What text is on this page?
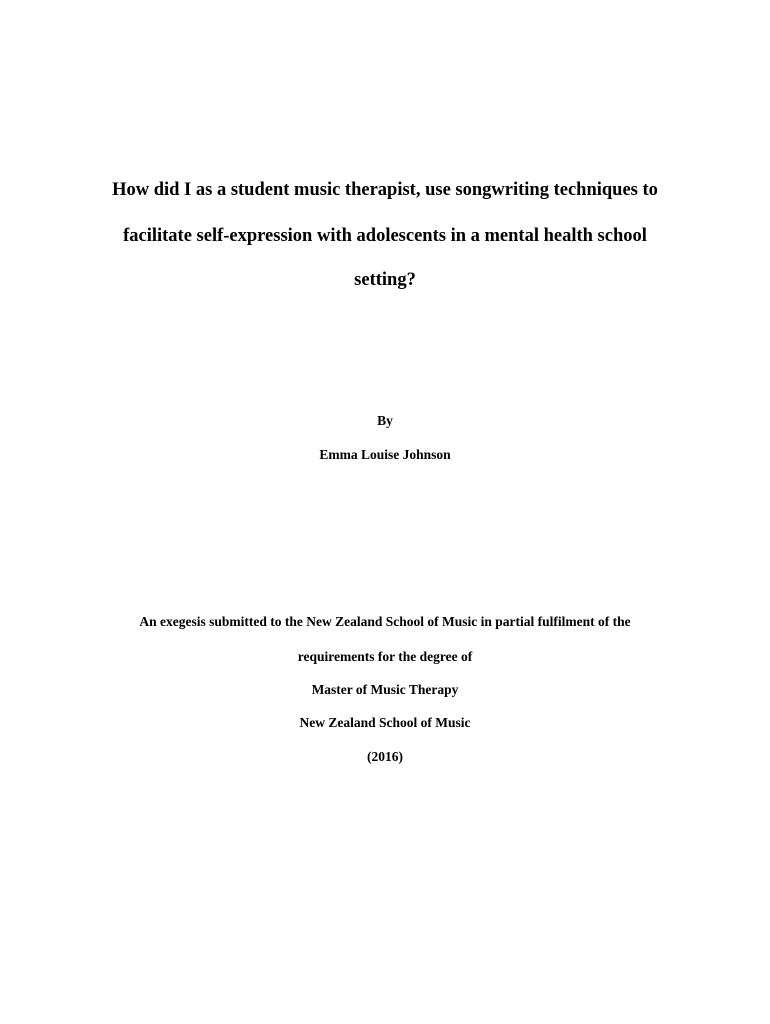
How did I as a student music therapist, use songwriting techniques to
facilitate self-expression with adolescents in a mental health school
setting?

By

Emma Louise Johnson

An exegesis submitted to the New Zealand School of Music in partial fulfilment of the

requirements for the degree of

Master of Music Therapy

New Zealand School of Music

(2016)
